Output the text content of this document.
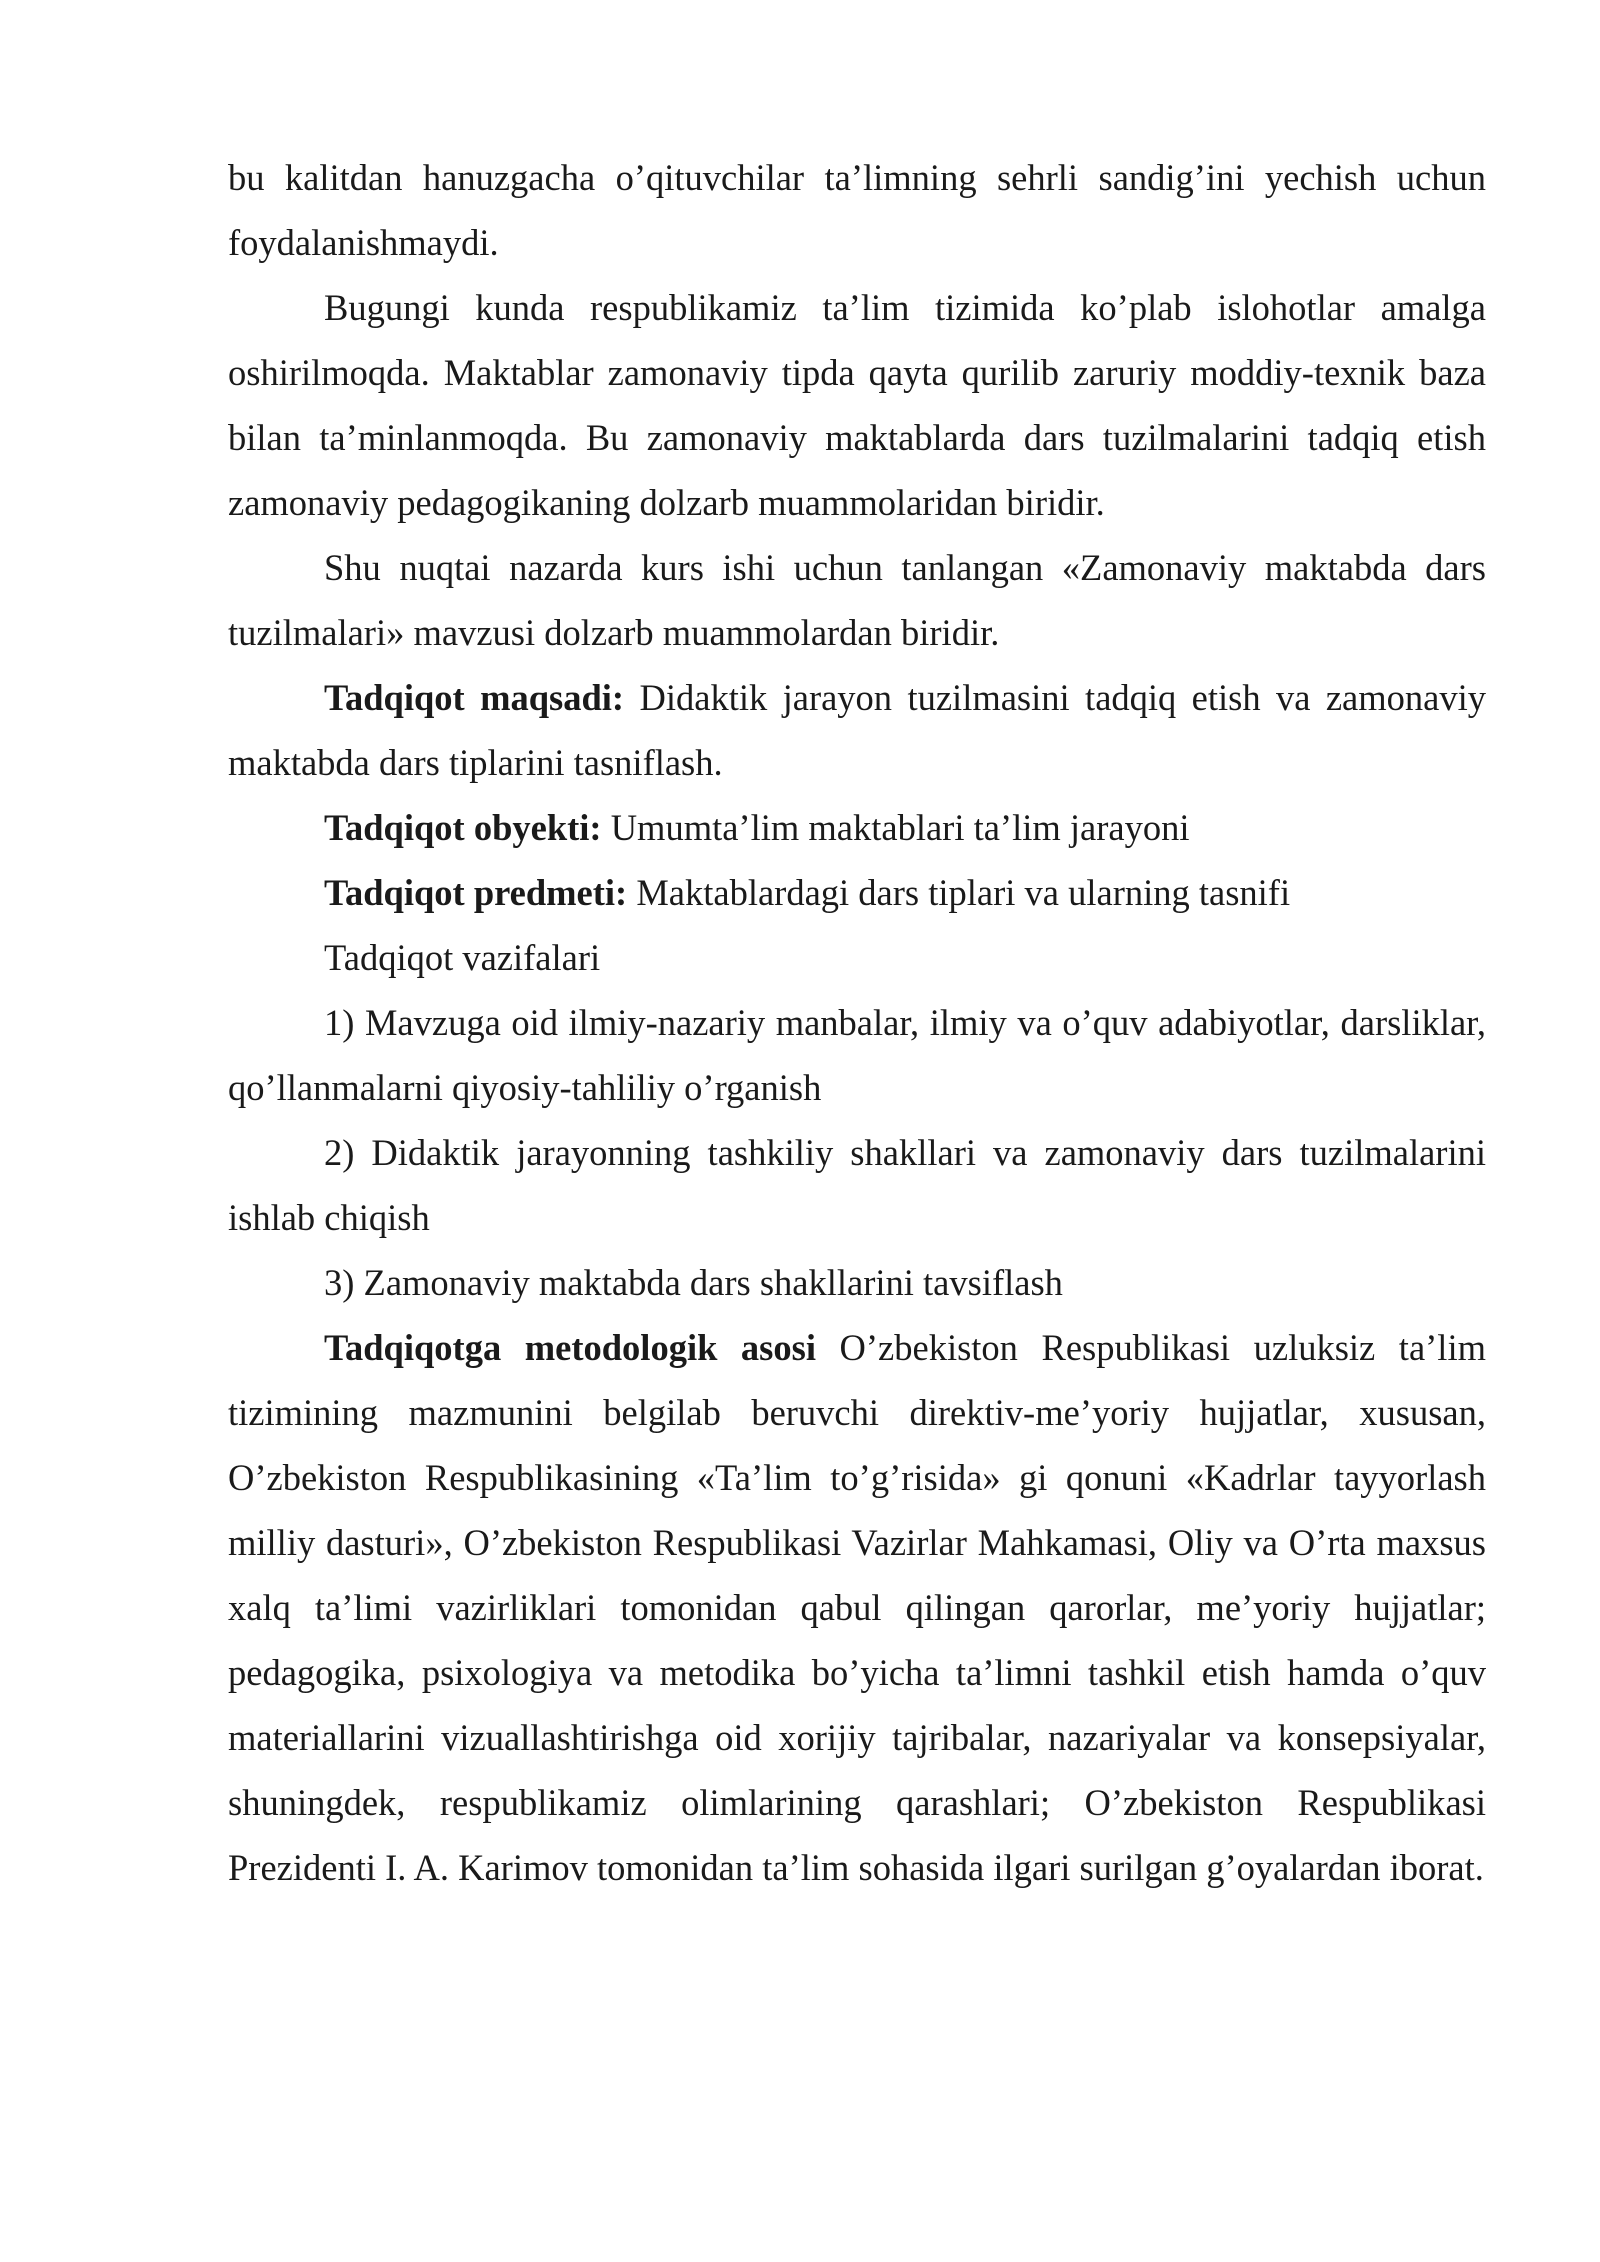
bu kalitdan hanuzgacha o’qituvchilar ta’limning sehrli sandig’ini yechish uchun foydalanishmaydi.

Bugungi kunda respublikamiz ta’lim tizimida ko’plab islohotlar amalga oshirilmoqda. Maktablar zamonaviy tipda qayta qurilib zaruriy moddiy-texnik baza bilan ta’minlanmoqda. Bu zamonaviy maktablarda dars tuzilmalarini tadqiq etish zamonaviy pedagogikaning dolzarb muammolaridan biridir.

Shu nuqtai nazarda kurs ishi uchun tanlangan «Zamonaviy maktabda dars tuzilmalari» mavzusi dolzarb muammolardan biridir.

Tadqiqot maqsadi: Didaktik jarayon tuzilmasini tadqiq etish va zamonaviy maktabda dars tiplarini tasniflash.

Tadqiqot obyekti: Umumta’lim maktablari ta’lim jarayoni

Tadqiqot predmeti: Maktablardagi dars tiplari va ularning tasnifi

Tadqiqot vazifalari

1) Mavzuga oid ilmiy-nazariy manbalar, ilmiy va o’quv adabiyotlar, darsliklar, qo’llanmalarni qiyosiy-tahliliy o’rganish

2) Didaktik jarayonning tashkiliy shakllari va zamonaviy dars tuzilmalarini ishlab chiqish

3) Zamonaviy maktabda dars shakllarini tavsiflash

Tadqiqotga metodologik asosi O’zbekiston Respublikasi uzluksiz ta’lim tizimining mazmunini belgilab beruvchi direktiv-me’yoriy hujjatlar, xususan, O’zbekiston Respublikasining «Ta’lim to’g’risida» gi qonuni «Kadrlar tayyorlash milliy dasturi», O’zbekiston Respublikasi Vazirlar Mahkamasi, Oliy va O’rta maxsus xalq ta’limi vazirliklari tomonidan qabul qilingan qarorlar, me’yoriy hujjatlar; pedagogika, psixologiya va metodika bo’yicha ta’limni tashkil etish hamda o’quv materiallarini vizuallashtirishga oid xorijiy tajribalar, nazariyalar va konsepsiyalar, shuningdek, respublikamiz olimlarining qarashlari; O’zbekiston Respublikasi Prezidenti I. A. Karimov tomonidan ta’lim sohasida ilgari surilgan g’oyalardan iborat.
